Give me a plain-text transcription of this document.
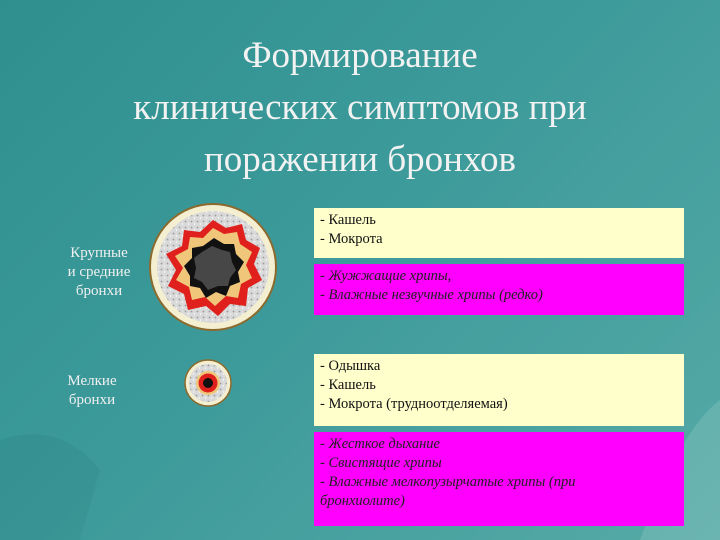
Формирование
клинических симптомов при
поражении бронхов
Крупные
и средние
бронхи
Мелкие
бронхи
- Кашель
- Мокрота
- Жужжащие хрипы,
- Влажные незвучные хрипы (редко)
- Одышка
- Кашель
- Мокрота (трудноотделяемая)
- Жесткое дыхание
- Свистящие хрипы
- Влажные мелкопузырчатые хрипы (при
бронхиолите)
